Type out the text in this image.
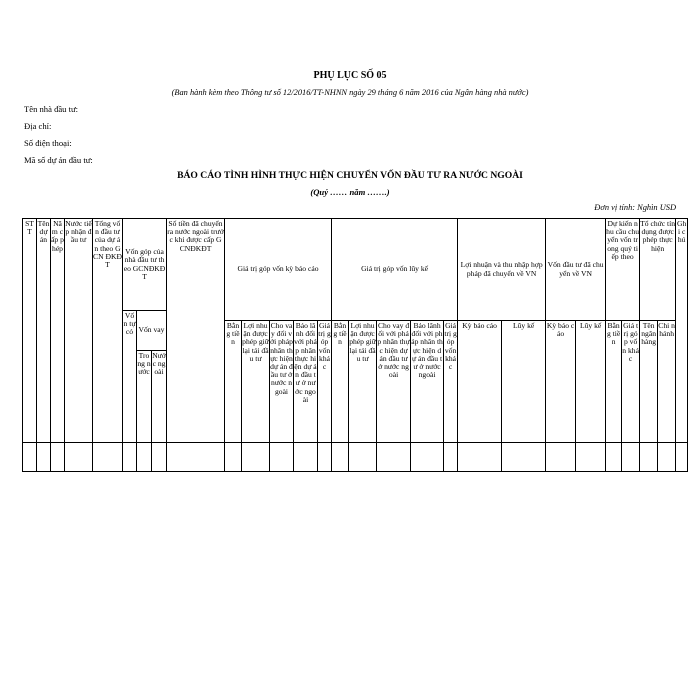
PHỤ LỤC SỐ 05
(Ban hành kèm theo Thông tư số 12/2016/TT-NHNN ngày 29 tháng 6 năm 2016 của Ngân hàng nhà nước)
Tên nhà đầu tư:
Địa chỉ:
Số điện thoại:
Mã số dự án đầu tư:
BÁO CÁO TÌNH HÌNH THỰC HIỆN CHUYỂN VỐN ĐẦU TƯ RA NƯỚC NGOÀI
(Quý …… năm …….)
Đơn vị tính: Nghìn USD
STT	Tên dự án	Năm cấp phép	Nước tiếp nhận đầu tư	Tổng vốn đầu tư của dự án theo GCN ĐKĐT	Vốn góp của nhà đầu tư theo GCNĐKĐT			Số tiền đã chuyển ra nước ngoài trước khi được cấp GCNĐKĐT	Giá trị góp vốn kỳ báo cáo					Giá trị góp vốn lũy kế					Lợi nhuận và thu nhập hợp pháp đã chuyển về VN		Vốn đầu tư đã chuyển về VN		Dự kiến nhu cầu chuyển vốn trong quý tiếp theo		Tổ chức tín dụng được phép thực hiện		Ghi chú
					Vốn tự có	Vốn vay																					
									Bằng tiền	Lợi nhuận được phép giữ lại tái đầu tư	Cho vay đối với pháp nhân thực hiện dự án đầu tư ở nước ngoài	Bảo lãnh đối với pháp nhân thực hiện dự án đầu tư ở nước ngoài	Giá trị góp vốn khác	Bằng tiền	Lợi nhuận được phép giữ lại tái đầu tư	Cho vay đối với pháp nhân thực hiện dự án đầu tư ở nước ngoài	Bảo lãnh đối với pháp nhân thực hiện dự án đầu tư ở nước ngoài	Giá trị góp vốn khác	Kỳ báo cáo	Lũy kế	Kỳ báo cáo	Lũy kế	Bằng tiền	Giá trị góp vốn khác	Tên ngân hàng	Chi nhánh	
						Trong nước	Nước ngoài																				
